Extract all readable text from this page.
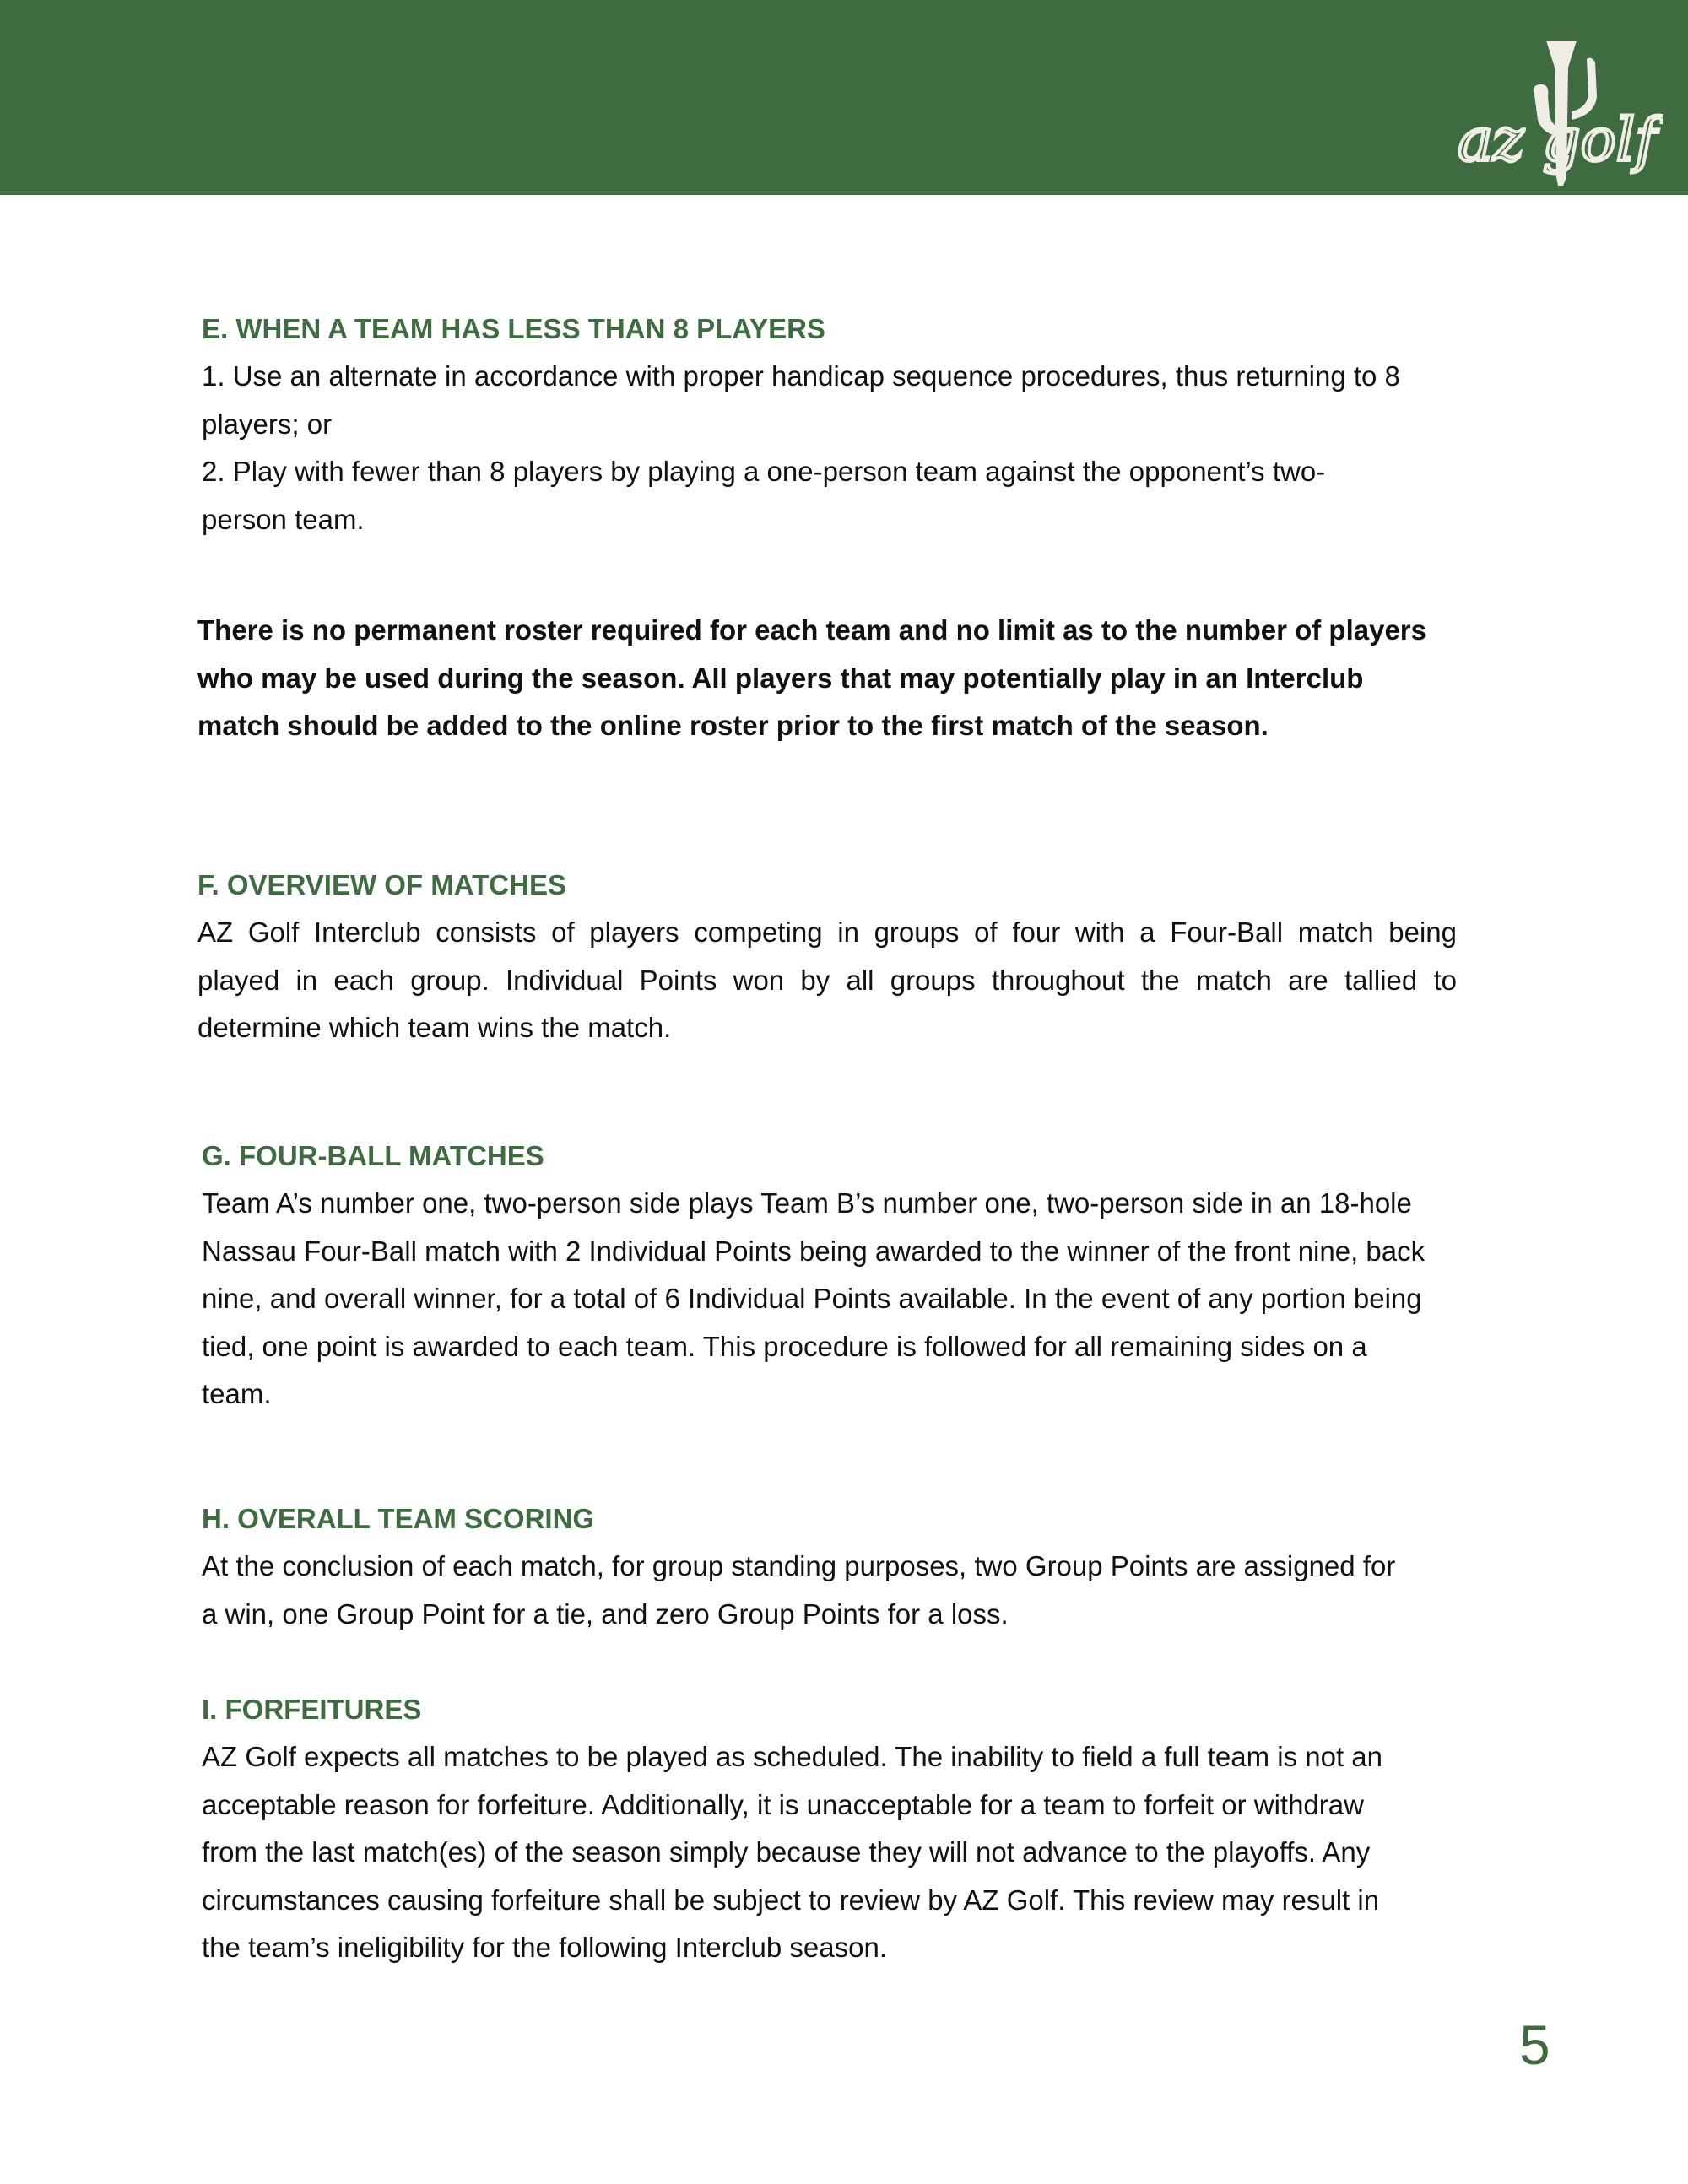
az golf
E. WHEN A TEAM HAS LESS THAN 8 PLAYERS
1. Use an alternate in accordance with proper handicap sequence procedures, thus returning to 8
players; or
2. Play with fewer than 8 players by playing a one-person team against the opponent’s two-
person team.
There is no permanent roster required for each team and no limit as to the number of players
who may be used during the season. All players that may potentially play in an Interclub
match should be added to the online roster prior to the first match of the season.
F. OVERVIEW OF MATCHES
AZ Golf Interclub consists of players competing in groups of four with a Four-Ball match being
played in each group. Individual Points won by all groups throughout the match are tallied to
determine which team wins the match.
G. FOUR-BALL MATCHES
Team A’s number one, two-person side plays Team B’s number one, two-person side in an 18-hole
Nassau Four-Ball match with 2 Individual Points being awarded to the winner of the front nine, back
nine, and overall winner, for a total of 6 Individual Points available. In the event of any portion being
tied, one point is awarded to each team. This procedure is followed for all remaining sides on a
team.
H. OVERALL TEAM SCORING
At the conclusion of each match, for group standing purposes, two Group Points are assigned for
a win, one Group Point for a tie, and zero Group Points for a loss.
I. FORFEITURES
AZ Golf expects all matches to be played as scheduled. The inability to field a full team is not an
acceptable reason for forfeiture. Additionally, it is unacceptable for a team to forfeit or withdraw
from the last match(es) of the season simply because they will not advance to the playoffs. Any
circumstances causing forfeiture shall be subject to review by AZ Golf. This review may result in
the team’s ineligibility for the following Interclub season.
5
